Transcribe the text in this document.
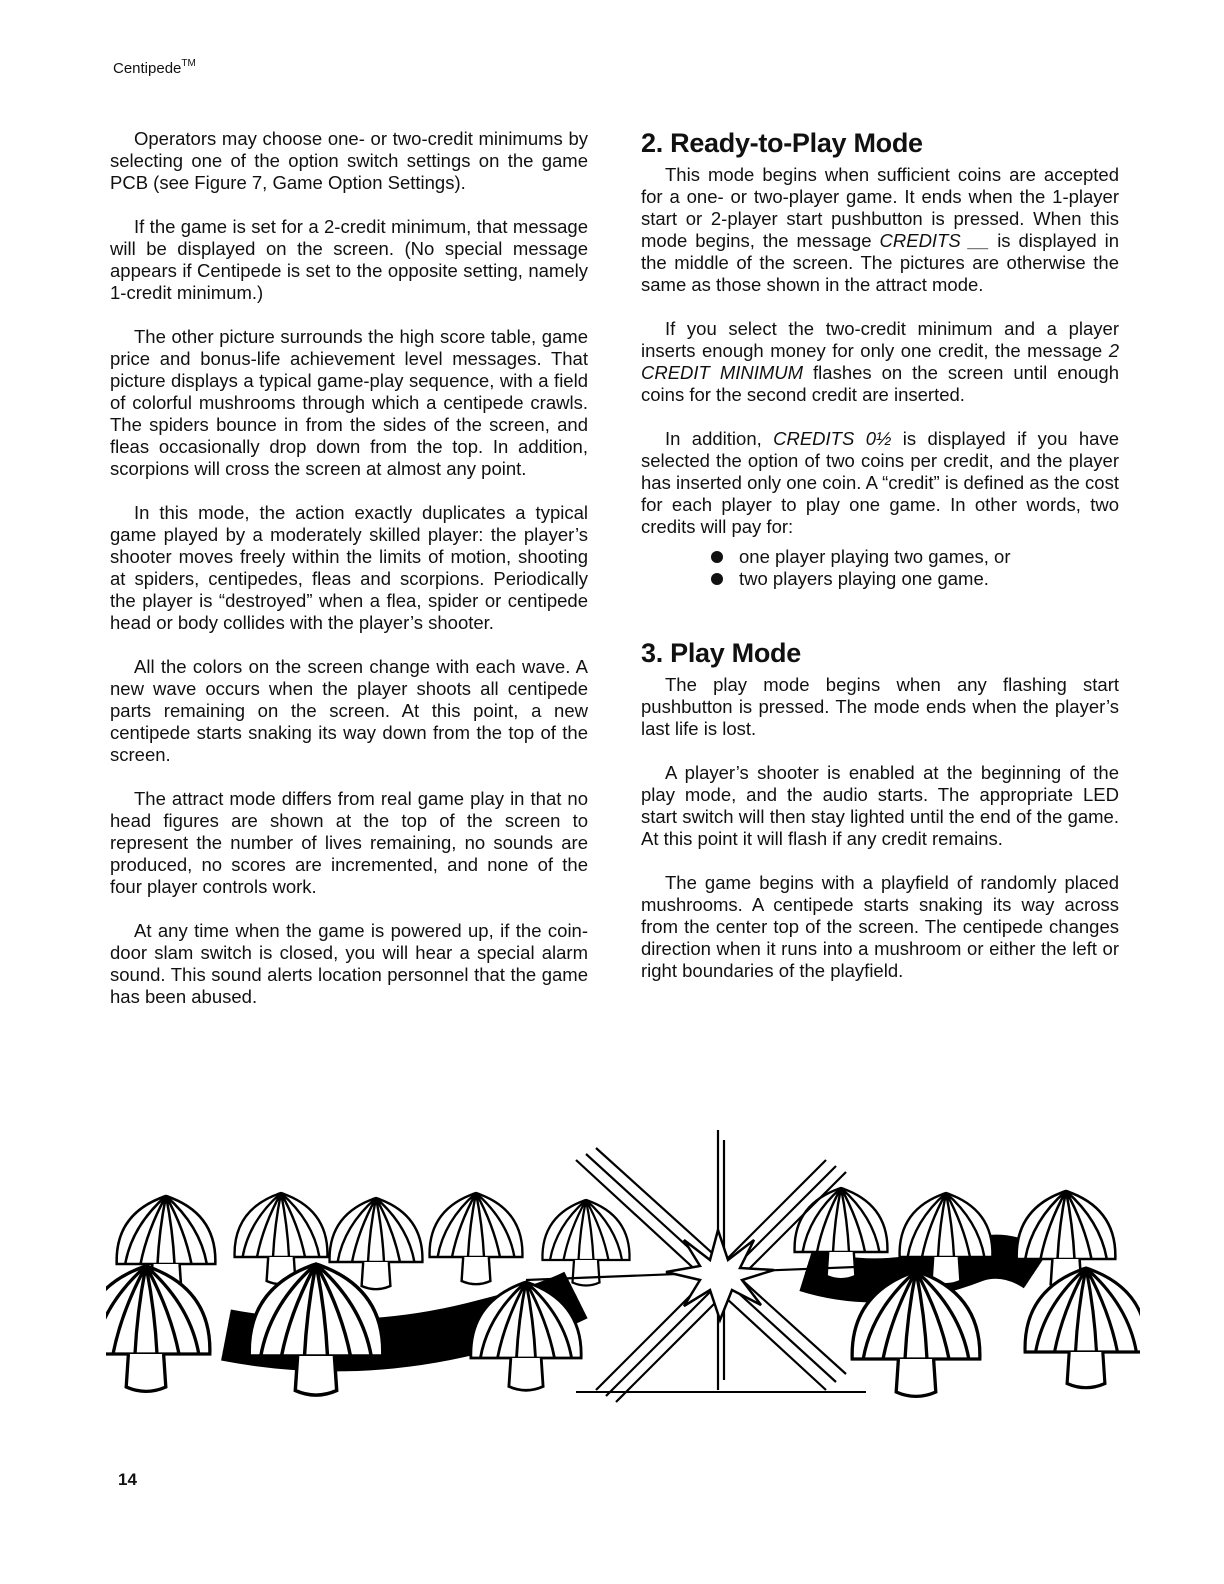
Centipede™

Operators may choose one- or two-credit minimums by selecting one of the option switch settings on the game PCB (see Figure 7, Game Option Settings).

If the game is set for a 2-credit minimum, that message will be displayed on the screen. (No special message appears if Centipede is set to the opposite setting, namely 1-credit minimum.)

The other picture surrounds the high score table, game price and bonus-life achievement level messages. That picture displays a typical game-play sequence, with a field of colorful mushrooms through which a centipede crawls. The spiders bounce in from the sides of the screen, and fleas occasionally drop down from the top. In addition, scorpions will cross the screen at almost any point.

In this mode, the action exactly duplicates a typical game played by a moderately skilled player: the player’s shooter moves freely within the limits of motion, shooting at spiders, centipedes, fleas and scorpions. Periodically the player is “destroyed” when a flea, spider or centipede head or body collides with the player’s shooter.

All the colors on the screen change with each wave. A new wave occurs when the player shoots all centipede parts remaining on the screen. At this point, a new centipede starts snaking its way down from the top of the screen.

The attract mode differs from real game play in that no head figures are shown at the top of the screen to represent the number of lives remaining, no sounds are produced, no scores are incremented, and none of the four player controls work.

At any time when the game is powered up, if the coin-door slam switch is closed, you will hear a special alarm sound. This sound alerts location personnel that the game has been abused.

2. Ready-to-Play Mode

This mode begins when sufficient coins are accepted for a one- or two-player game. It ends when the 1-player start or 2-player start pushbutton is pressed. When this mode begins, the message CREDITS __ is displayed in the middle of the screen. The pictures are otherwise the same as those shown in the attract mode.

If you select the two-credit minimum and a player inserts enough money for only one credit, the message 2 CREDIT MINIMUM flashes on the screen until enough coins for the second credit are inserted.

In addition, CREDITS 0½ is displayed if you have selected the option of two coins per credit, and the player has inserted only one coin. A “credit” is defined as the cost for each player to play one game. In other words, two credits will pay for:

one player playing two games, or
two players playing one game.
3. Play Mode

The play mode begins when any flashing start pushbutton is pressed. The mode ends when the player’s last life is lost.

A player’s shooter is enabled at the beginning of the play mode, and the audio starts. The appropriate LED start switch will then stay lighted until the end of the game. At this point it will flash if any credit remains.

The game begins with a playfield of randomly placed mushrooms. A centipede starts snaking its way across from the center top of the screen. The centipede changes direction when it runs into a mushroom or either the left or right boundaries of the playfield.

14
